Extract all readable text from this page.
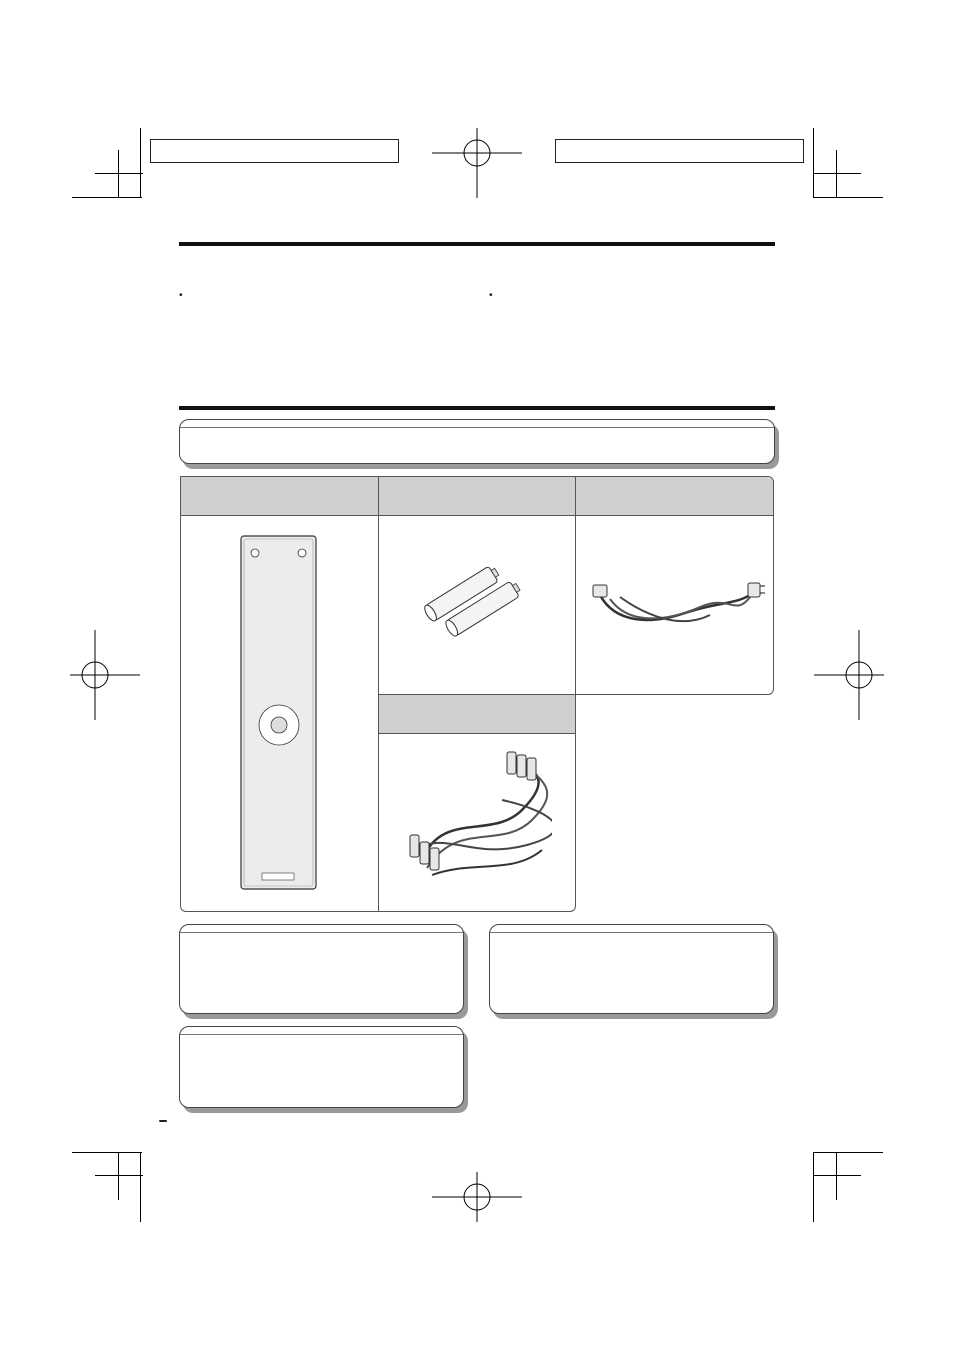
•	•
